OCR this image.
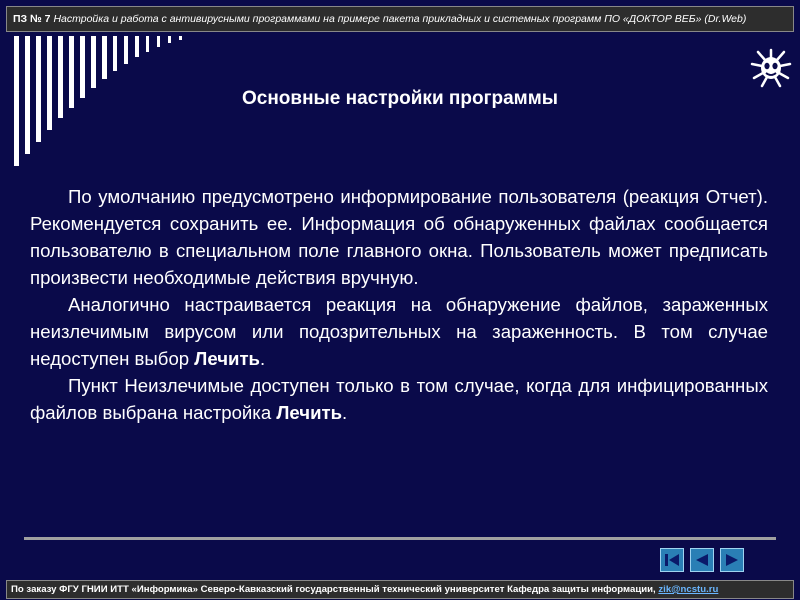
ПЗ № 7 Настройка и работа с антивирусными программами на примере пакета прикладных и системных программ ПО «ДОКТОР ВЕБ» (Dr.Web)
Основные настройки программы

По умолчанию предусмотрено информирование пользователя (реакция Отчет). Рекомендуется сохранить ее. Информация об обнаруженных файлах сообщается пользователю в специальном поле главного окна. Пользователь может предписать произвести необходимые действия вручную.

Аналогично настраивается реакция на обнаружение файлов, зараженных неизлечимым вирусом или подозрительных на зараженность. В том случае недоступен выбор Лечить.

Пункт Неизлечимые доступен только в том случае, когда для инфицированных файлов выбрана настройка Лечить.

По заказу ФГУ ГНИИ ИТТ «Информика» Северо-Кавказский государственный технический университет Кафедра защиты информации, zik@ncstu.ru
